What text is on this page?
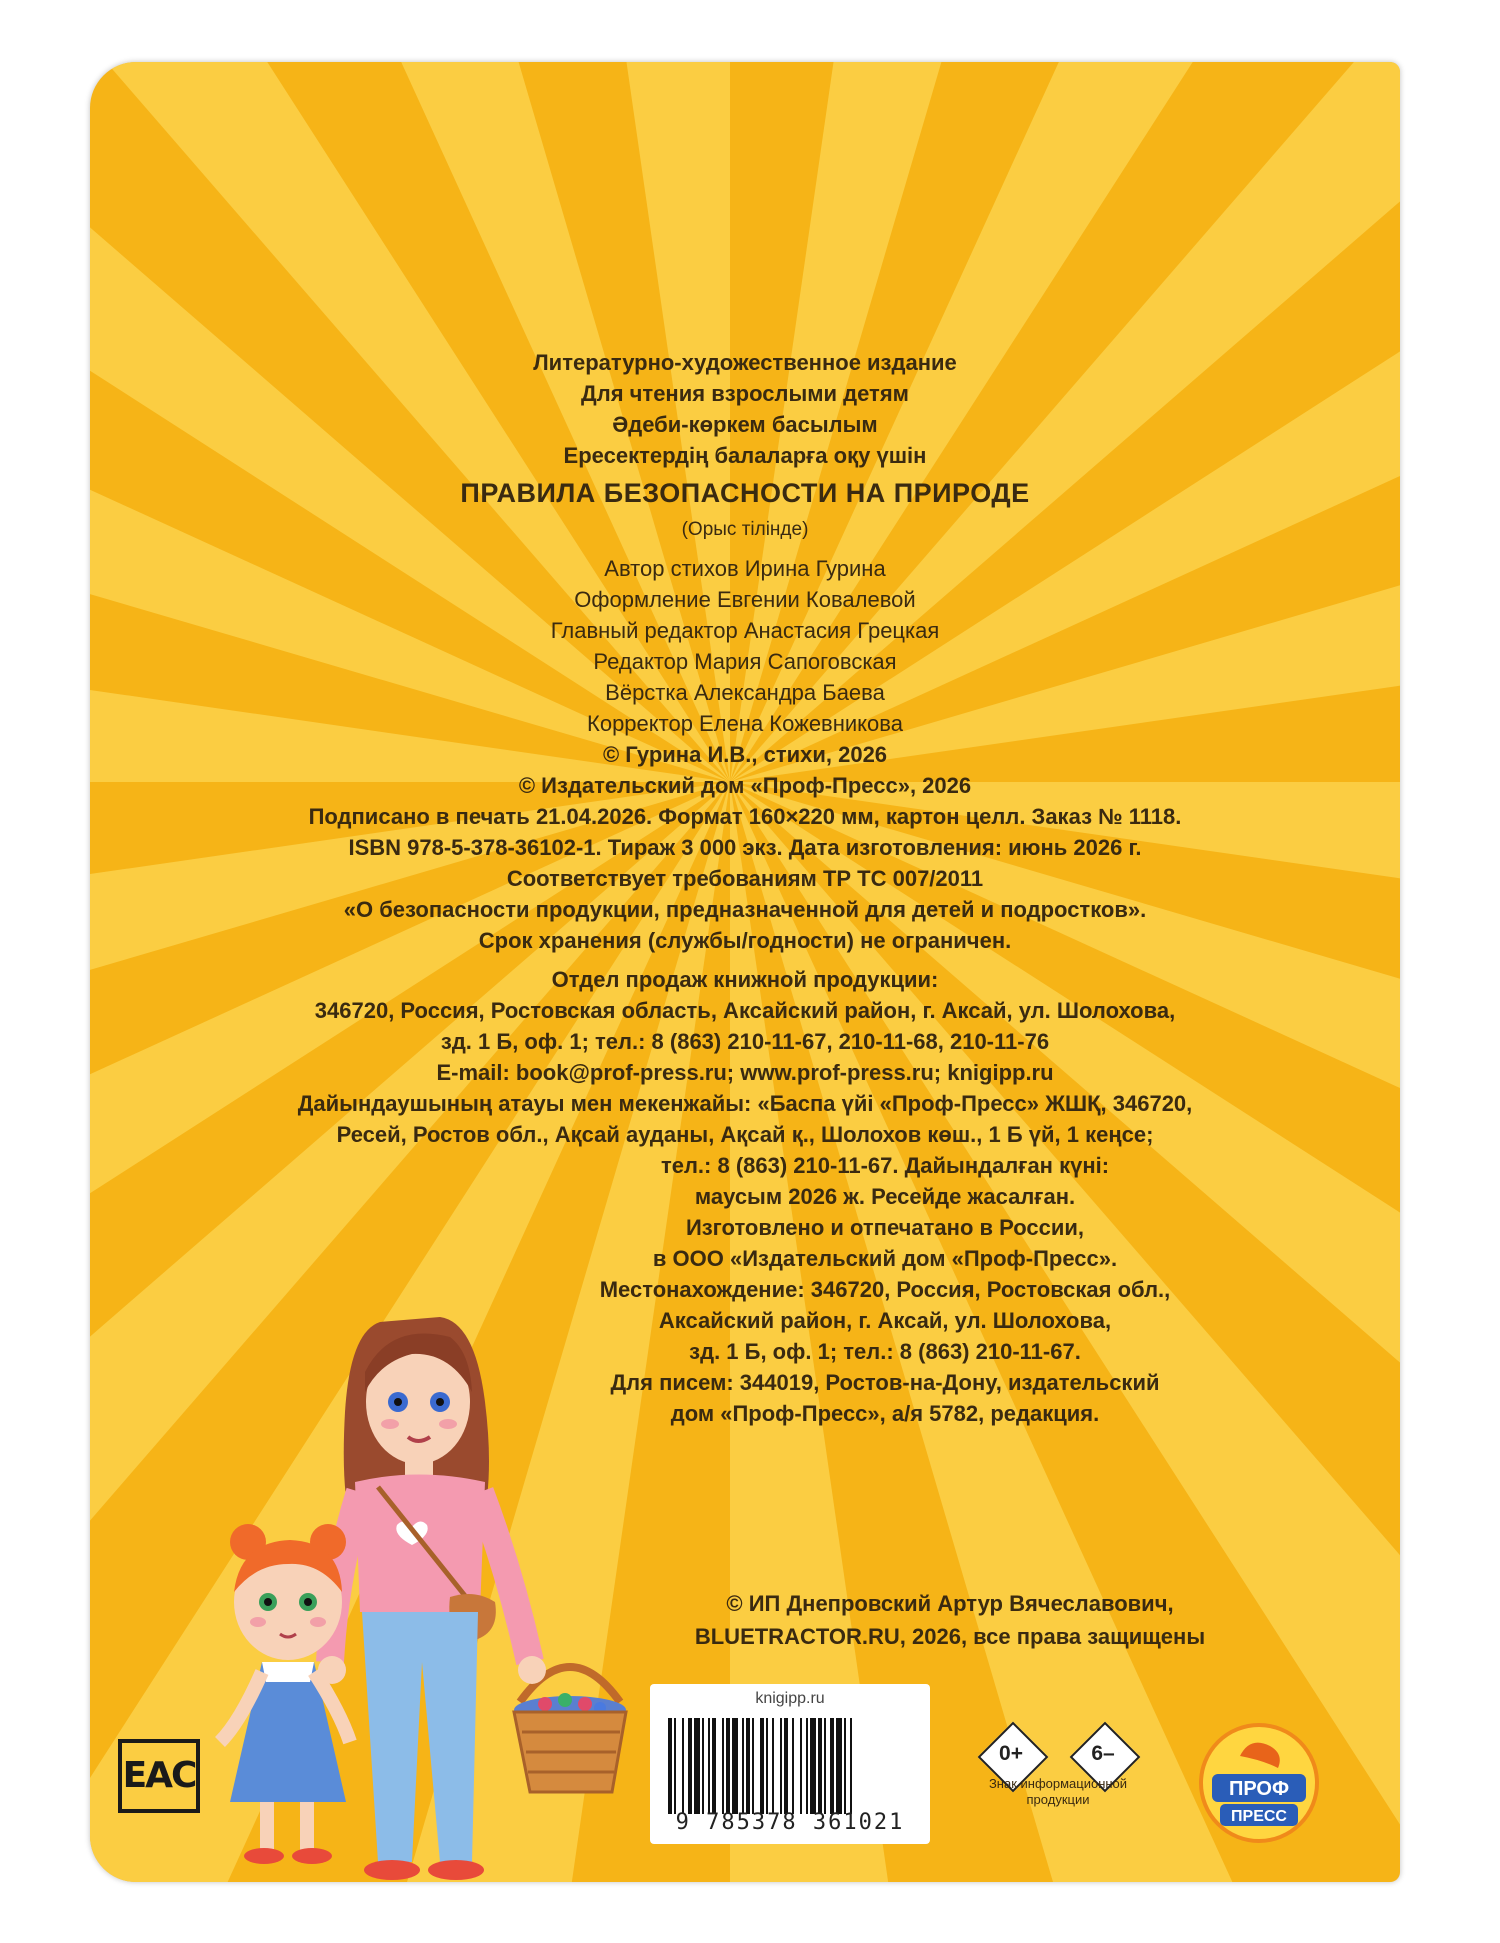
Литературно-художественное издание
Для чтения взрослыми детям
Әдеби-көркем басылым
Ересектердің балаларға оқу үшін
ПРАВИЛА БЕЗОПАСНОСТИ НА ПРИРОДЕ
(Орыс тілінде)
Автор стихов Ирина Гурина
Оформление Евгении Ковалевой
Главный редактор Анастасия Грецкая
Редактор Мария Сапоговская
Вёрстка Александра Баева
Корректор Елена Кожевникова
© Гурина И.В., стихи, 2026
© Издательский дом «Проф-Пресс», 2026
Подписано в печать 21.04.2026. Формат 160×220 мм, картон целл. Заказ № 1118.
ISBN 978-5-378-36102-1. Тираж 3 000 экз. Дата изготовления: июнь 2026 г.
Соответствует требованиям ТР ТС 007/2011
«О безопасности продукции, предназначенной для детей и подростков».
Срок хранения (службы/годности) не ограничен.
Отдел продаж книжной продукции:
346720, Россия, Ростовская область, Аксайский район, г. Аксай, ул. Шолохова,
зд. 1 Б, оф. 1; тел.: 8 (863) 210-11-67, 210-11-68, 210-11-76
E-mail: book@prof-press.ru; www.prof-press.ru; knigipp.ru
Дайындаушының атауы мен мекенжайы: «Баспа үйі «Проф-Пресс» ЖШҚ, 346720,
Ресей, Ростов обл., Ақсай ауданы, Ақсай қ., Шолохов көш., 1 Б үй, 1 кеңсе;
тел.: 8 (863) 210-11-67. Дайындалған күні:
маусым 2026 ж. Ресейде жасалған.
Изготовлено и отпечатано в России,
в ООО «Издательский дом «Проф-Пресс».
Местонахождение: 346720, Россия, Ростовская обл.,
Аксайский район, г. Аксай, ул. Шолохова,
зд. 1 Б, оф. 1; тел.: 8 (863) 210-11-67.
Для писем: 344019, Ростов-на-Дону, издательский
дом «Проф-Пресс», а/я 5782, редакция.
© ИП Днепровский Артур Вячеславович,
BLUETRACTOR.RU, 2026, все права защищены
ЕАС
knigipp.ru
9 785378 361021
0+	6–
Знак информационной продукции	ПРОФ
ПРЕСС
